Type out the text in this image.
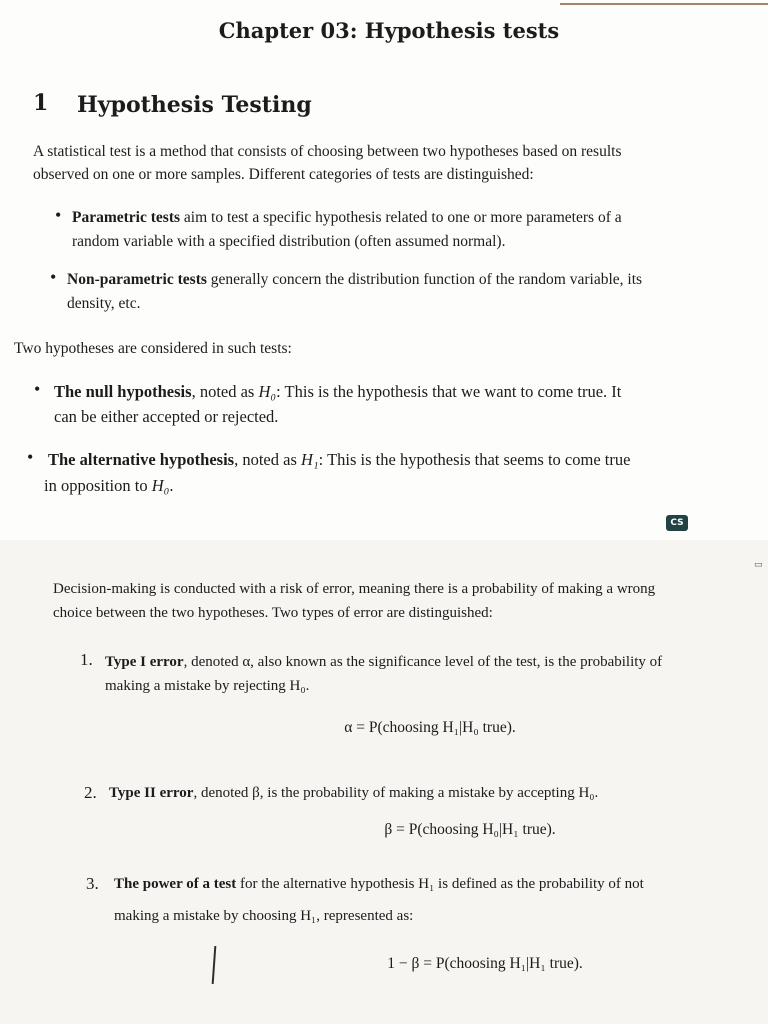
Chapter 03: Hypothesis tests
1 Hypothesis Testing

A statistical test is a method that consists of choosing between two hypotheses based on results

observed on one or more samples. Different categories of tests are distinguished:

• Parametric tests aim to test a specific hypothesis related to one or more parameters of a

random variable with a specified distribution (often assumed normal).

• Non-parametric tests generally concern the distribution function of the random variable, its

density, etc.

Two hypotheses are considered in such tests:

• The null hypothesis, noted as H₀: This is the hypothesis that we want to come true. It

can be either accepted or rejected.

• The alternative hypothesis, noted as H₁: This is the hypothesis that seems to come true

in opposition to H₀.

CS
▭

Decision-making is conducted with a risk of error, meaning there is a probability of making a wrong

choice between the two hypotheses. Two types of error are distinguished:

1. Type I error, denoted α, also known as the significance level of the test, is the probability of

making a mistake by rejecting H₀.

α = P(choosing H₁|H₀ true).

2. Type II error, denoted β, is the probability of making a mistake by accepting H₀.

β = P(choosing H₀|H₁ true).

3. The power of a test for the alternative hypothesis H₁ is defined as the probability of not

making a mistake by choosing H₁, represented as:

1 − β = P(choosing H₁|H₁ true).
